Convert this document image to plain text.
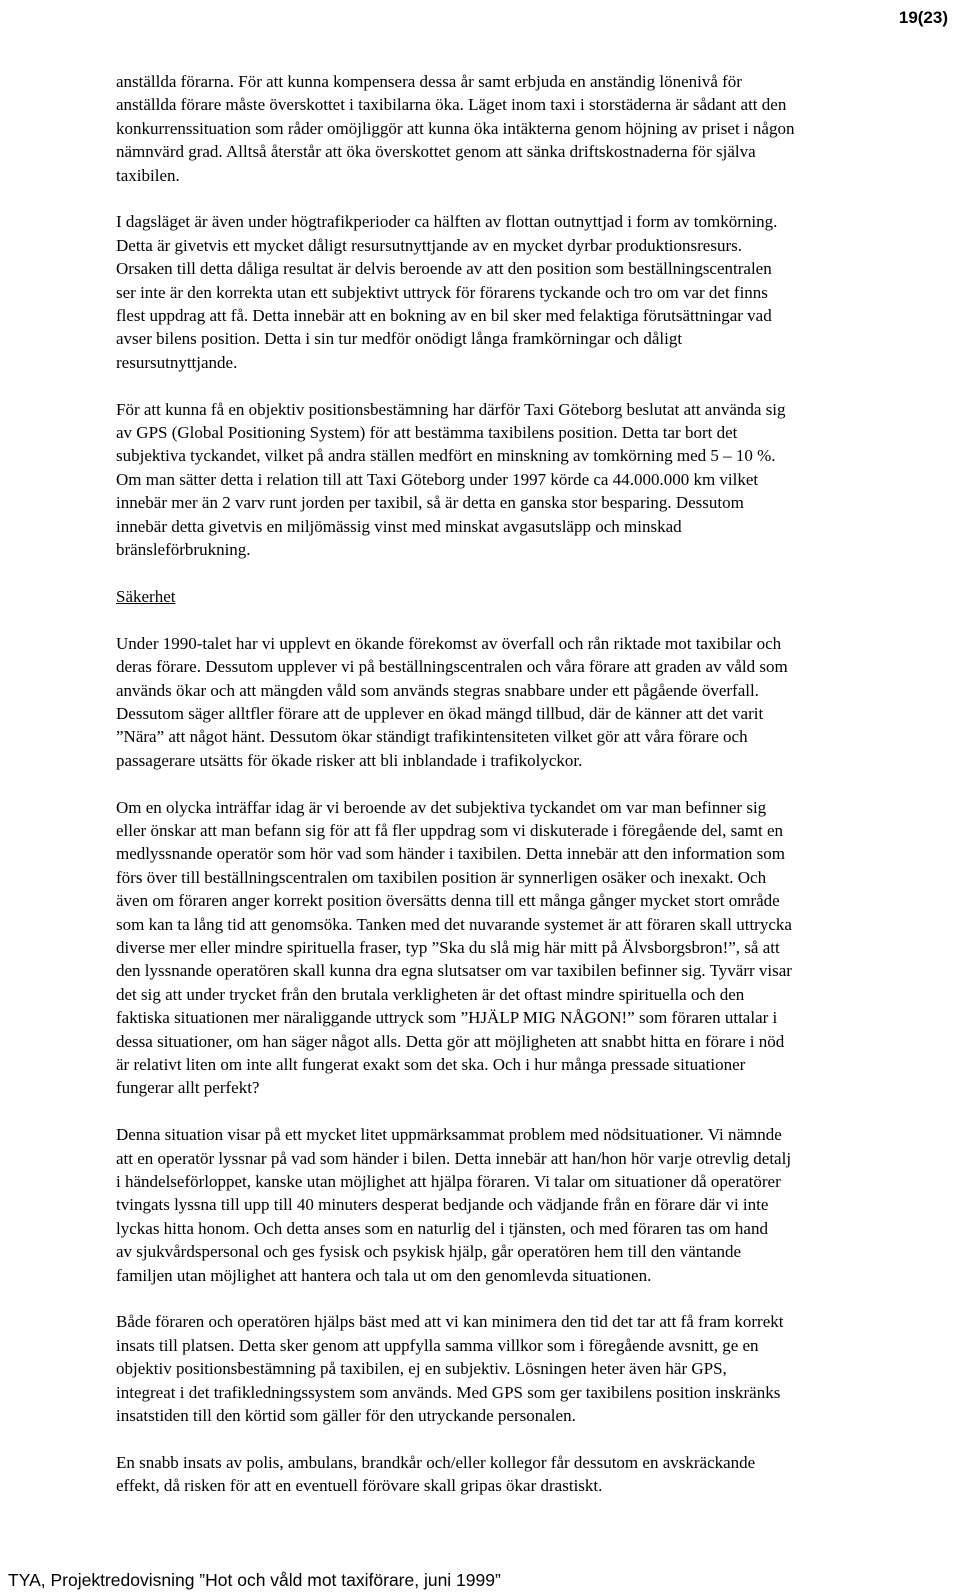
19(23)

anställda förarna. För att kunna kompensera dessa år samt erbjuda en anständig lönenivå för
anställda förare måste överskottet i taxibilarna öka. Läget inom taxi i storstäderna är sådant att den
konkurrenssituation som råder omöjliggör att kunna öka intäkterna genom höjning av priset i någon
nämnvärd grad. Alltså återstår att öka överskottet genom att sänka driftskostnaderna för själva
taxibilen.

I dagsläget är även under högtrafikperioder ca hälften av flottan outnyttjad i form av tomkörning.
Detta är givetvis ett mycket dåligt resursutnyttjande av en mycket dyrbar produktionsresurs.
Orsaken till detta dåliga resultat är delvis beroende av att den position som beställningscentralen
ser inte är den korrekta utan ett subjektivt uttryck för förarens tyckande och tro om var det finns
flest uppdrag att få. Detta innebär att en bokning av en bil sker med felaktiga förutsättningar vad
avser bilens position. Detta i sin tur medför onödigt långa framkörningar och dåligt
resursutnyttjande.

För att kunna få en objektiv positionsbestämning har därför Taxi Göteborg beslutat att använda sig
av GPS (Global Positioning System) för att bestämma taxibilens position. Detta tar bort det
subjektiva tyckandet, vilket på andra ställen medfört en minskning av tomkörning med 5 – 10 %.
Om man sätter detta i relation till att Taxi Göteborg under 1997 körde ca 44.000.000 km vilket
innebär mer än 2 varv runt jorden per taxibil, så är detta en ganska stor besparing. Dessutom
innebär detta givetvis en miljömässig vinst med minskat avgasutsläpp och minskad
bränsleförbrukning.

Säkerhet

Under 1990-talet har vi upplevt en ökande förekomst av överfall och rån riktade mot taxibilar och
deras förare. Dessutom upplever vi på beställningscentralen och våra förare att graden av våld som
används ökar och att mängden våld som används stegras snabbare under ett pågående överfall.
Dessutom säger alltfler förare att de upplever en ökad mängd tillbud, där de känner att det varit
”Nära” att något hänt. Dessutom ökar ständigt trafikintensiteten vilket gör att våra förare och
passagerare utsätts för ökade risker att bli inblandade i trafikolyckor.

Om en olycka inträffar idag är vi beroende av det subjektiva tyckandet om var man befinner sig
eller önskar att man befann sig för att få fler uppdrag som vi diskuterade i föregående del, samt en
medlyssnande operatör som hör vad som händer i taxibilen. Detta innebär att den information som
förs över till beställningscentralen om taxibilen position är synnerligen osäker och inexakt. Och
även om föraren anger korrekt position översätts denna till ett många gånger mycket stort område
som kan ta lång tid att genomsöka. Tanken med det nuvarande systemet är att föraren skall uttrycka
diverse mer eller mindre spirituella fraser, typ ”Ska du slå mig här mitt på Älvsborgsbron!”, så att
den lyssnande operatören skall kunna dra egna slutsatser om var taxibilen befinner sig. Tyvärr visar
det sig att under trycket från den brutala verkligheten är det oftast mindre spirituella och den
faktiska situationen mer näraliggande uttryck som ”HJÄLP MIG NÅGON!” som föraren uttalar i
dessa situationer, om han säger något alls. Detta gör att möjligheten att snabbt hitta en förare i nöd
är relativt liten om inte allt fungerat exakt som det ska. Och i hur många pressade situationer
fungerar allt perfekt?

Denna situation visar på ett mycket litet uppmärksammat problem med nödsituationer. Vi nämnde
att en operatör lyssnar på vad som händer i bilen. Detta innebär att han/hon hör varje otrevlig detalj
i händelseförloppet, kanske utan möjlighet att hjälpa föraren. Vi talar om situationer då operatörer
tvingats lyssna till upp till 40 minuters desperat bedjande och vädjande från en förare där vi inte
lyckas hitta honom. Och detta anses som en naturlig del i tjänsten, och med föraren tas om hand
av sjukvårdspersonal och ges fysisk och psykisk hjälp, går operatören hem till den väntande
familjen utan möjlighet att hantera och tala ut om den genomlevda situationen.

Både föraren och operatören hjälps bäst med att vi kan minimera den tid det tar att få fram korrekt
insats till platsen. Detta sker genom att uppfylla samma villkor som i föregående avsnitt, ge en
objektiv positionsbestämning på taxibilen, ej en subjektiv. Lösningen heter även här GPS,
integreat i det trafikledningssystem som används. Med GPS som ger taxibilens position inskränks
insatstiden till den körtid som gäller för den utryckande personalen.

En snabb insats av polis, ambulans, brandkår och/eller kollegor får dessutom en avskräckande
effekt, då risken för att en eventuell förövare skall gripas ökar drastiskt.

TYA, Projektredovisning ”Hot och våld mot taxiförare, juni 1999”
